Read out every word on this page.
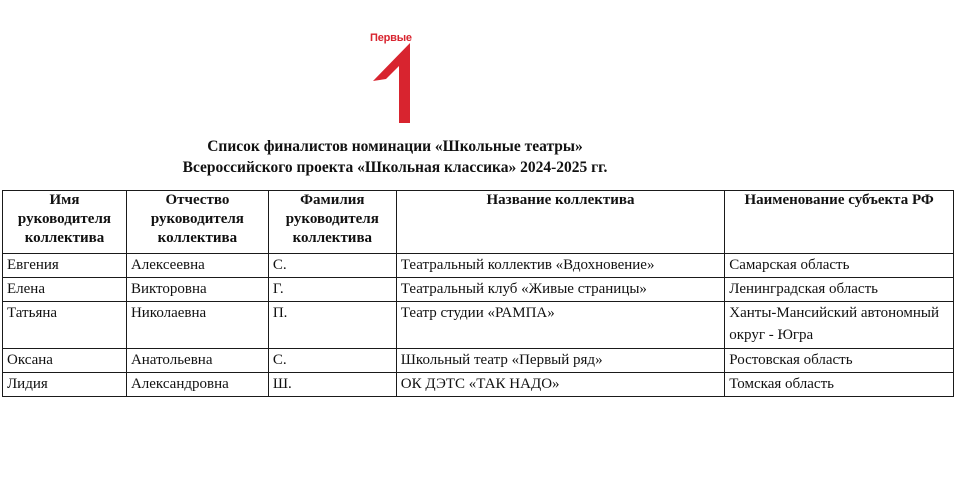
Первые
Список финалистов номинации «Школьные театры»
Всероссийского проекта «Школьная классика» 2024-2025 гг.
Имя руководителя коллектива	Отчество руководителя коллектива	Фамилия руководителя коллектива	Название коллектива	Наименование субъекта РФ
Евгения	Алексеевна	С.	Театральный коллектив «Вдохновение»	Самарская область
Елена	Викторовна	Г.	Театральный клуб «Живые страницы»	Ленинградская область
Татьяна	Николаевна	П.	Театр студии «РАМПА»	Ханты-Мансийский автономный округ - Югра
Оксана	Анатольевна	С.	Школьный театр «Первый ряд»	Ростовская область
Лидия	Александровна	Ш.	ОК ДЭТС «ТАК НАДО»	Томская область
